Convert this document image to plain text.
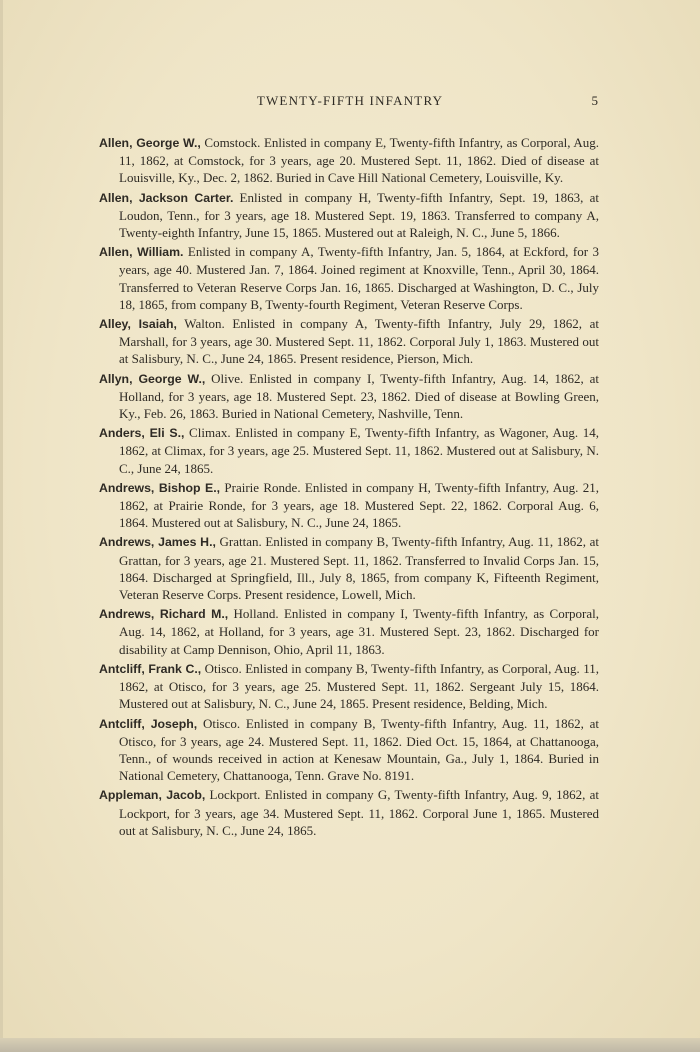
TWENTY-FIFTH INFANTRY	5

Allen, George W., Comstock. Enlisted in company E, Twenty-fifth Infantry, as Corporal, Aug. 11, 1862, at Comstock, for 3 years, age 20. Mustered Sept. 11, 1862. Died of disease at Louisville, Ky., Dec. 2, 1862. Buried in Cave Hill National Cemetery, Louisville, Ky.

Allen, Jackson Carter. Enlisted in company H, Twenty-fifth Infantry, Sept. 19, 1863, at Loudon, Tenn., for 3 years, age 18. Mustered Sept. 19, 1863. Transferred to company A, Twenty-eighth Infantry, June 15, 1865. Mustered out at Raleigh, N. C., June 5, 1866.

Allen, William. Enlisted in company A, Twenty-fifth Infantry, Jan. 5, 1864, at Eckford, for 3 years, age 40. Mustered Jan. 7, 1864. Joined regiment at Knoxville, Tenn., April 30, 1864. Transferred to Veteran Reserve Corps Jan. 16, 1865. Discharged at Washington, D. C., July 18, 1865, from company B, Twenty-fourth Regiment, Veteran Reserve Corps.

Alley, Isaiah, Walton. Enlisted in company A, Twenty-fifth Infantry, July 29, 1862, at Marshall, for 3 years, age 30. Mustered Sept. 11, 1862. Corporal July 1, 1863. Mustered out at Salisbury, N. C., June 24, 1865. Present residence, Pierson, Mich.

Allyn, George W., Olive. Enlisted in company I, Twenty-fifth Infantry, Aug. 14, 1862, at Holland, for 3 years, age 18. Mustered Sept. 23, 1862. Died of disease at Bowling Green, Ky., Feb. 26, 1863. Buried in National Cemetery, Nashville, Tenn.

Anders, Eli S., Climax. Enlisted in company E, Twenty-fifth Infantry, as Wagoner, Aug. 14, 1862, at Climax, for 3 years, age 25. Mustered Sept. 11, 1862. Mustered out at Salisbury, N. C., June 24, 1865.

Andrews, Bishop E., Prairie Ronde. Enlisted in company H, Twenty-fifth Infantry, Aug. 21, 1862, at Prairie Ronde, for 3 years, age 18. Mustered Sept. 22, 1862. Corporal Aug. 6, 1864. Mustered out at Salisbury, N. C., June 24, 1865.

Andrews, James H., Grattan. Enlisted in company B, Twenty-fifth Infantry, Aug. 11, 1862, at Grattan, for 3 years, age 21. Mustered Sept. 11, 1862. Transferred to Invalid Corps Jan. 15, 1864. Discharged at Springfield, Ill., July 8, 1865, from company K, Fifteenth Regiment, Veteran Reserve Corps. Present residence, Lowell, Mich.

Andrews, Richard M., Holland. Enlisted in company I, Twenty-fifth Infantry, as Corporal, Aug. 14, 1862, at Holland, for 3 years, age 31. Mustered Sept. 23, 1862. Discharged for disability at Camp Dennison, Ohio, April 11, 1863.

Antcliff, Frank C., Otisco. Enlisted in company B, Twenty-fifth Infantry, as Corporal, Aug. 11, 1862, at Otisco, for 3 years, age 25. Mustered Sept. 11, 1862. Sergeant July 15, 1864. Mustered out at Salisbury, N. C., June 24, 1865. Present residence, Belding, Mich.

Antcliff, Joseph, Otisco. Enlisted in company B, Twenty-fifth Infantry, Aug. 11, 1862, at Otisco, for 3 years, age 24. Mustered Sept. 11, 1862. Died Oct. 15, 1864, at Chattanooga, Tenn., of wounds received in action at Kenesaw Mountain, Ga., July 1, 1864. Buried in National Cemetery, Chattanooga, Tenn. Grave No. 8191.

Appleman, Jacob, Lockport. Enlisted in company G, Twenty-fifth Infantry, Aug. 9, 1862, at Lockport, for 3 years, age 34. Mustered Sept. 11, 1862. Corporal June 1, 1865. Mustered out at Salisbury, N. C., June 24, 1865.
